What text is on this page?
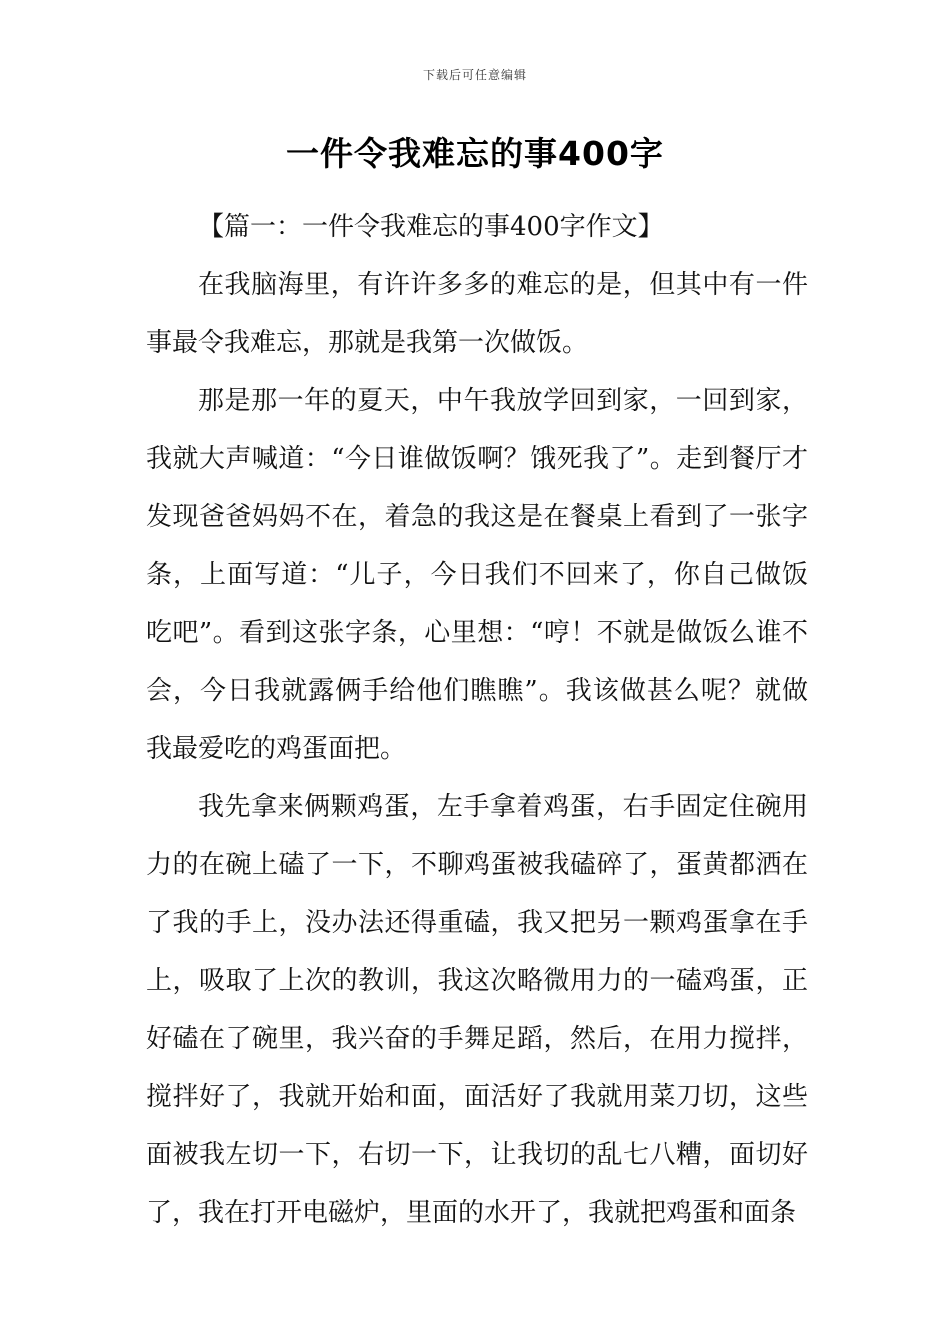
下载后可任意编辑
一件令我难忘的事400字

【篇一：一件令我难忘的事400字作文】

在我脑海里，有许许多多的难忘的是，但其中有一件事最令我难忘，那就是我第一次做饭。

那是那一年的夏天，中午我放学回到家，一回到家，我就大声喊道：“今日谁做饭啊？饿死我了”。走到餐厅才发现爸爸妈妈不在，着急的我这是在餐桌上看到了一张字条，上面写道：“儿子，今日我们不回来了，你自己做饭吃吧”。看到这张字条，心里想：“哼！不就是做饭么谁不会，今日我就露俩手给他们瞧瞧”。我该做甚么呢？就做我最爱吃的鸡蛋面把。

我先拿来俩颗鸡蛋，左手拿着鸡蛋，右手固定住碗用力的在碗上磕了一下，不聊鸡蛋被我磕碎了，蛋黄都洒在了我的手上，没办法还得重磕，我又把另一颗鸡蛋拿在手上，吸取了上次的教训，我这次略微用力的一磕鸡蛋，正好磕在了碗里，我兴奋的手舞足蹈，然后，在用力搅拌，搅拌好了，我就开始和面，面活好了我就用菜刀切，这些面被我左切一下，右切一下，让我切的乱七八糟，面切好了，我在打开电磁炉，里面的水开了，我就把鸡蛋和面条
